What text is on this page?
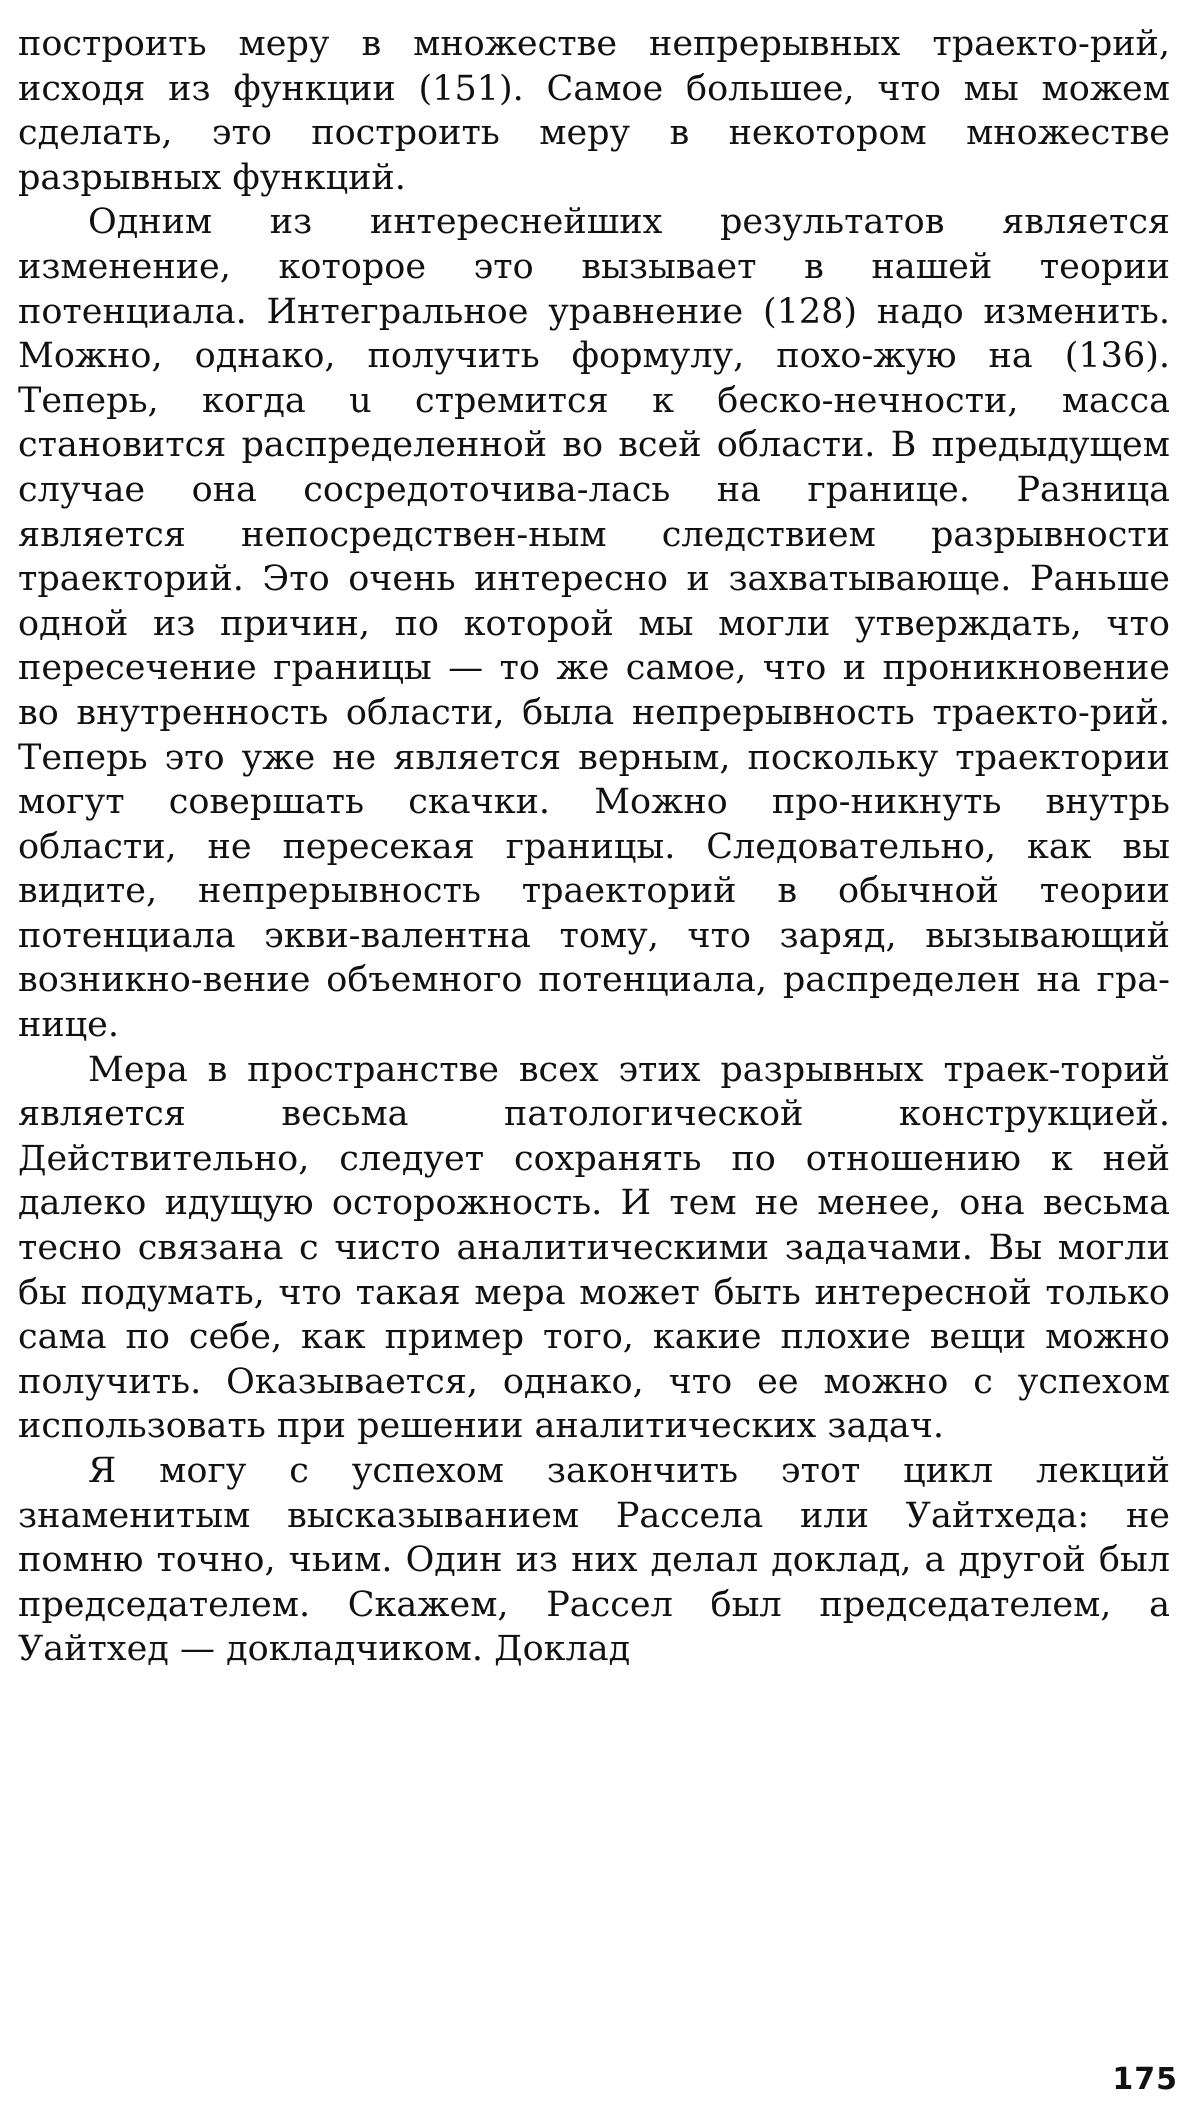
построить меру в множестве непрерывных траекто-рий, исходя из функции (151). Самое большее, что мы можем сделать, это построить меру в некотором множестве разрывных функций.

Одним из интереснейших результатов является изменение, которое это вызывает в нашей теории потенциала. Интегральное уравнение (128) надо изменить. Можно, однако, получить формулу, похо-жую на (136). Теперь, когда u стремится к беско-нечности, масса становится распределенной во всей области. В предыдущем случае она сосредоточива-лась на границе. Разница является непосредствен-ным следствием разрывности траекторий. Это очень интересно и захватывающе. Раньше одной из причин, по которой мы могли утверждать, что пересечение границы — то же самое, что и проникновение во внутренность области, была непрерывность траекто-рий. Теперь это уже не является верным, поскольку траектории могут совершать скачки. Можно про-никнуть внутрь области, не пересекая границы. Следовательно, как вы видите, непрерывность траекторий в обычной теории потенциала экви-валентна тому, что заряд, вызывающий возникно-вение объемного потенциала, распределен на гра-нице.

Мера в пространстве всех этих разрывных траек-торий является весьма патологической конструкцией. Действительно, следует сохранять по отношению к ней далеко идущую осторожность. И тем не менее, она весьма тесно связана с чисто аналитическими задачами. Вы могли бы подумать, что такая мера может быть интересной только сама по себе, как пример того, какие плохие вещи можно получить. Оказывается, однако, что ее можно с успехом использовать при решении аналитических задач.

Я могу с успехом закончить этот цикл лекций знаменитым высказыванием Рассела или Уайтхеда: не помню точно, чьим. Один из них делал доклад, а другой был председателем. Скажем, Рассел был председателем, а Уайтхед — докладчиком. Доклад

175
